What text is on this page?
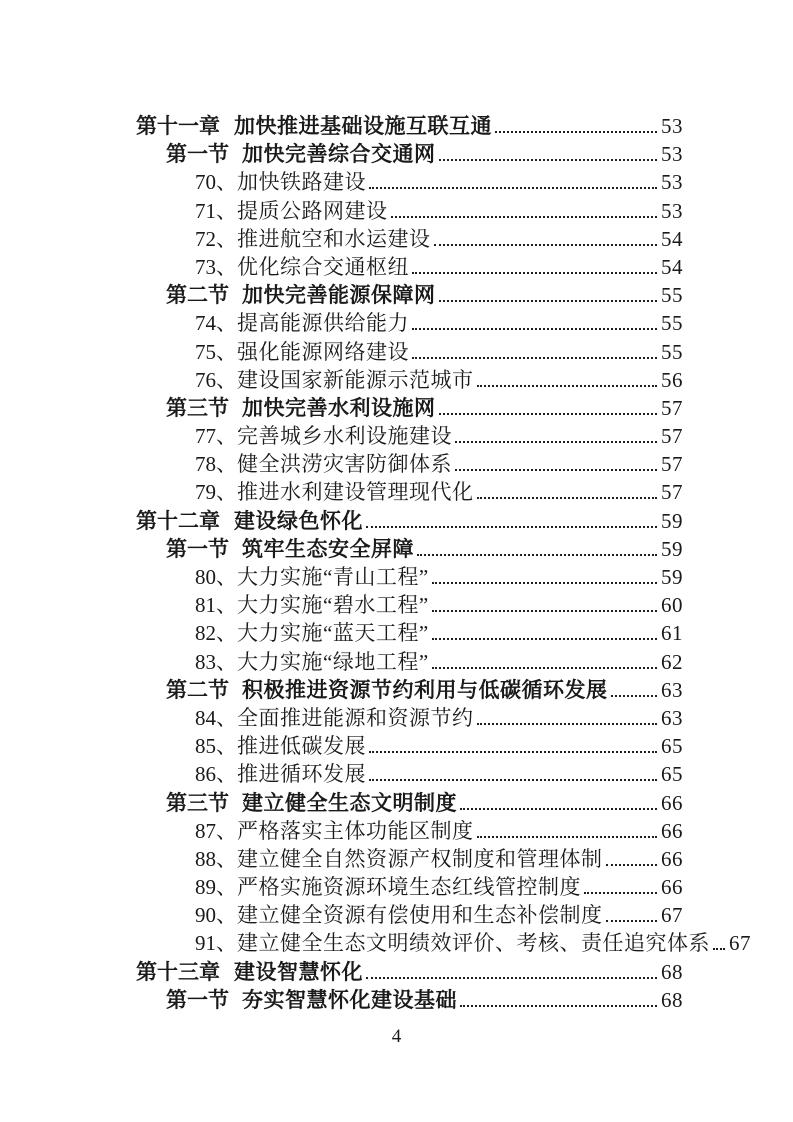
第十一章 加快推进基础设施互联互通	53
第一节 加快完善综合交通网	53
70、 加快铁路建设	53
71、 提质公路网建设	53
72、 推进航空和水运建设	54
73、 优化综合交通枢纽	54
第二节 加快完善能源保障网	55
74、 提高能源供给能力	55
75、 强化能源网络建设	55
76、 建设国家新能源示范城市	56
第三节 加快完善水利设施网	57
77、 完善城乡水利设施建设	57
78、 健全洪涝灾害防御体系	57
79、 推进水利建设管理现代化	57
第十二章 建设绿色怀化	59
第一节 筑牢生态安全屏障	59
80、 大力实施“青山工程”	59
81、 大力实施“碧水工程”	60
82、 大力实施“蓝天工程”	61
83、 大力实施“绿地工程”	62
第二节 积极推进资源节约利用与低碳循环发展	63
84、 全面推进能源和资源节约	63
85、 推进低碳发展	65
86、 推进循环发展	65
第三节 建立健全生态文明制度	66
87、 严格落实主体功能区制度	66
88、 建立健全自然资源产权制度和管理体制	66
89、 严格实施资源环境生态红线管控制度	66
90、 建立健全资源有偿使用和生态补偿制度	67
91、 建立健全生态文明绩效评价、考核、责任追究体系 67
第十三章 建设智慧怀化	68
第一节 夯实智慧怀化建设基础	68
4
